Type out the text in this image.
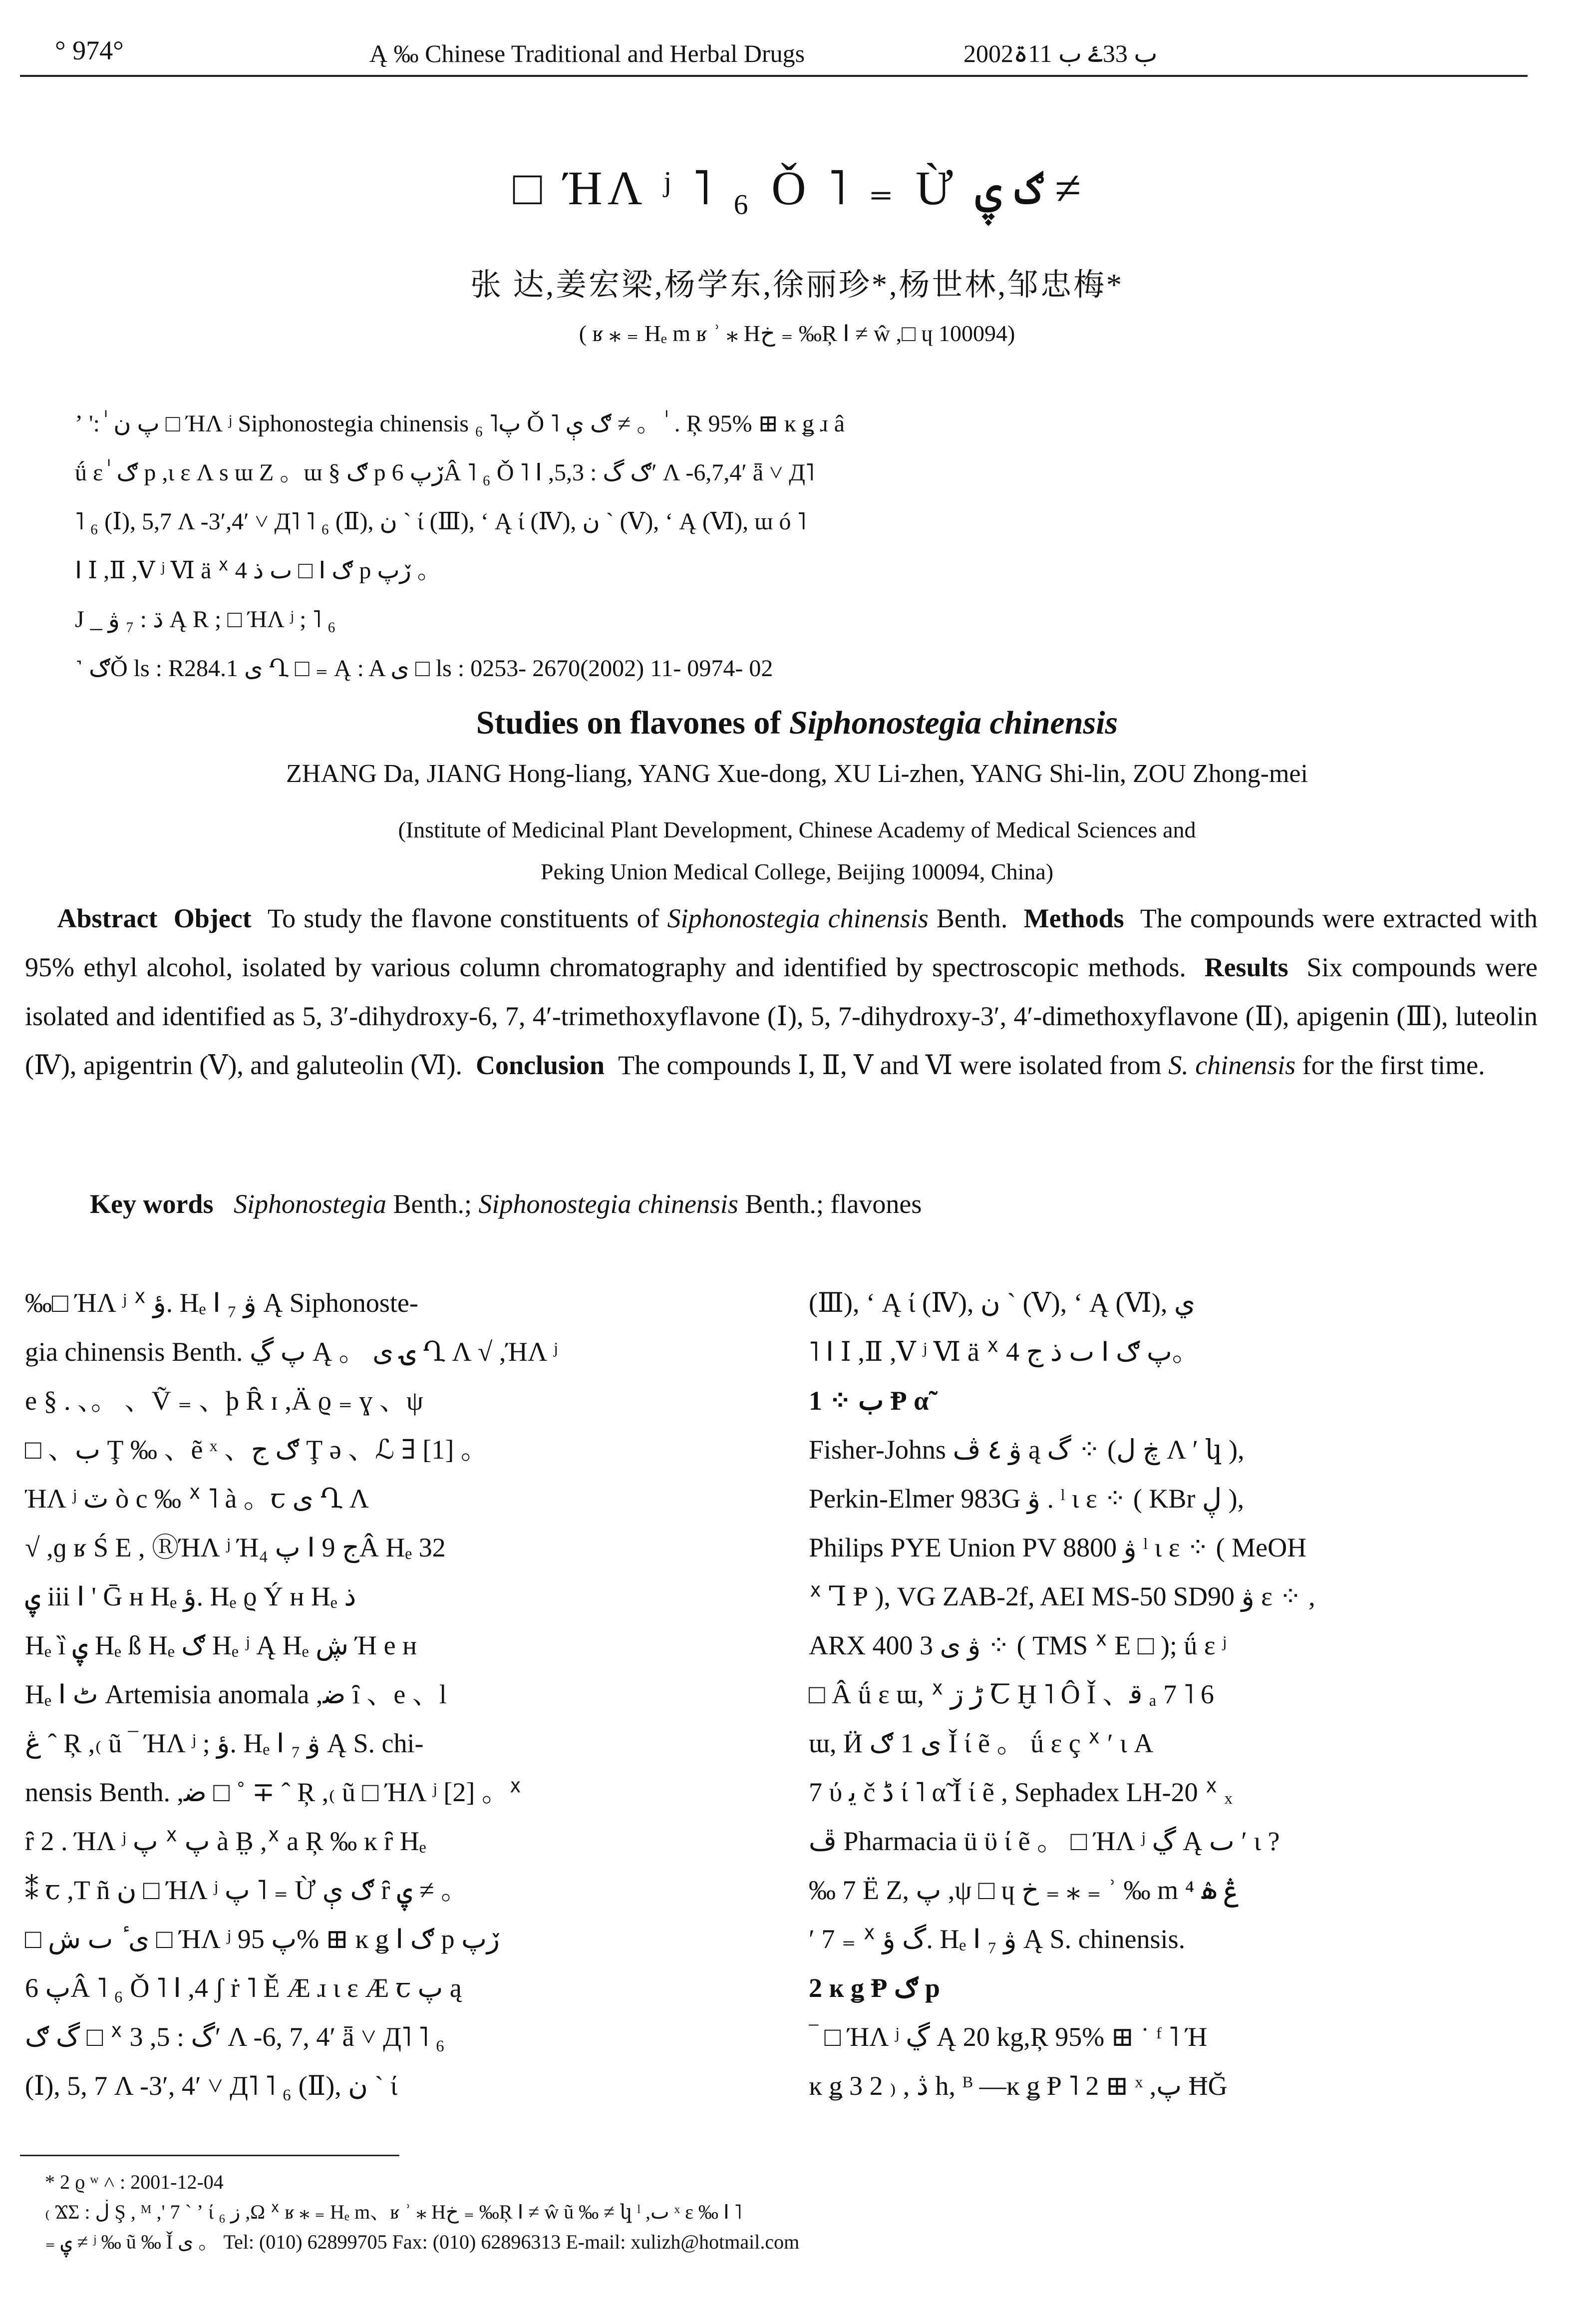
° 974°	Ą ‰ Chinese Traditional and Herbal Drugs	2002ب 33ۓ ب 11ۃ
□ ΉΛ ʲ ˥ ₆ Ǒ ˥ ₌ Ừ ګ ۑ ≠
张 达,姜宏梁,杨学东,徐丽珍*,杨世林,邹忠梅*
( ʁ ⁎ ₌ Hₑ m ʁ ʾ ⁎ Hخ ₌ ‰Ŗ ⵏ ≠ ŵ ,□ ɥ 100094)

ʼ ': ٰ پ ن □ ΉΛ ʲ Siphonostegia chinensis پ˥ ₆ Ǒ ˥ ګ ې ≠ 。 ٰ . Ŗ 95% ⊞ ĸ ǥ ɹ â

ǘ ɛ ٰ ګ p ,ι ɛ Λ s ɯ Ζ 。ɯ § ګ p ڒپ 6Â ˥ ₆ Ǒ ˥ ⵏ ,ګ گ : 5,3′ Λ -6,7,4′ ǟ ˅ Д˥

˥ ₆ (Ⅰ), 5,7 Λ -3′,4′ ˅ Д˥ ˥ ₆ (Ⅱ), ن ` ί (Ⅲ), ʻ Ą ί (Ⅳ), ن ` (Ⅴ), ʻ Ą (Ⅵ), ɯ ó ˥

ⵏ Ⅰ ,Ⅱ ,Ⅴ ʲ Ⅵ ä ᕽ 4 ٮ ذ □ ⵏ ګ p ڒپ 。

Ј _ ڌ : ₇ ۋ Ą R ; □ ΉΛ ʲ ; ˥ ₆

˺ ګǑ ls : R284.1 ى Ղ □ ₌ Ą : A ى □ ls : 0253- 2670(2002) 11- 0974- 02

Studies on flavones of Siphonostegia chinensis
ZHANG Da, JIANG Hong-liang, YANG Xue-dong, XU Li-zhen, YANG Shi-lin, ZOU Zhong-mei
(Institute of Medicinal Plant Development, Chinese Academy of Medical Sciences and
Peking Union Medical College, Beijing 100094, China)
Abstract Object To study the flavone constituents of Siphonostegia chinensis Benth. Methods The compounds were extracted with 95% ethyl alcohol, isolated by various column chromatography and identified by spectroscopic methods. Results Six compounds were isolated and identified as 5, 3′-dihydroxy-6, 7, 4′-trimethoxyflavone (Ⅰ), 5, 7-dihydroxy-3′, 4′-dimethoxyflavone (Ⅱ), apigenin (Ⅲ), luteolin (Ⅳ), apigentrin (Ⅴ), and galuteolin (Ⅵ). Conclusion The compounds Ⅰ, Ⅱ, Ⅴ and Ⅵ were isolated from S. chinensis for the first time.
Key words Siphonostegia Benth.; Siphonostegia chinensis Benth.; flavones

‰□ ΉΛ ʲ ᕽ ؤ. Hₑ ⵏ ₇ ۋ Ą Siphonoste-

gia chinensis Benth. پ ڲ Ą 。 ۍ ى Ղ Λ √ ,ΉΛ ʲ

e § . 、。 、Ṽ ₌ 、ϸ Ȓ ɪ ,Ä ϱ ₌ ɣ 、ψ

□ 、ب Ţ ‰ 、ẽ ˣ 、ګ ج Ţ ә 、ℒ ∃ [1] 。

ΉΛ ʲ ٽ ò c ‰ ᕽ ˥ à 。ꞇ ى Ղ Λ

√ ,ɡ ʁ Ś E , ⓇΉΛ ʲ Ή₄ پ ⵏ ج 9Â Hₑ 32

ۑ iii ⵏ ' Ḡ ʜ Hₑ ؤ. Hₑ ϱ Ý ʜ Hₑ ذ

Hₑ ȉ ۑ Hₑ ß Hₑ ګ Hₑ ʲ Ą Hₑ ڜ Ή e ʜ

Hₑ ⵏ ٹ Artemisia anomala ,ﺿ ȋ 、e 、l

ڠ ˆ Ŗ ,₍ ũ ‾ ΉΛ ʲ ; ؤ. Hₑ ⵏ ₇ ۋ Ą S. chi-

nensis Benth. ,ﺿ □ ˚ ∓ ˆ Ŗ ,₍ ũ □ ΉΛ ʲ [2] 。ᕽ

ȓ 2 . ΉΛ ʲ پ ᕽ پ à B̤ ,ᕽ a Ŗ ‰ ĸ ȓ Hₑ

⁑ ꞇ ,T ñ ن □ ΉΛ ʲ پ ˥ ₌ Ừ ګ ې ȓ ۑ ≠ 。

□ ى ٔ ٮ ش □ ΉΛ ʲ پ 95% ⊞ ĸ ǥ ⵏ ګ p ڒپ

پ 6Â ˥ ₆ Ǒ ˥ ⵏ ,4 ʃ ṙ ˥ Ě Æ ɹ ι ɛ Æ ꞇ پ ą

گ ګ □ ᕽ گ : 5, 3′ Λ -6, 7, 4′ ǟ ˅ Д˥ ˥ ₆

(Ⅰ), 5, 7 Λ -3′, 4′ ˅ Д˥ ˥ ₆ (Ⅱ), ن ` ί

(Ⅲ), ʻ Ą ί (Ⅳ), ن ` (Ⅴ), ʻ Ą (Ⅵ), ي

˥ ⵏ Ⅰ ,Ⅱ ,Ⅴ ʲ Ⅵ ä ᕽ 4 ٮ ذ ج ⵏ پ ګ。

1 ⁘ ب Ᵽ α̃

Fisher-Johns ۋ ٤ ڤ ą گ ⁘ (ڿ ل Λ ʹ կ ),

Perkin-Elmer 983G ۋ . ˡ ι ɛ ⁘ ( KBr ڸ ),

Philips PYE Union PV 8800 ۋ ˡ ι ɛ ⁘ ( MeOH

ᕽ Ꞁ Ᵽ ), VG ZAB-2f, AEI MS-50 SD90 ۋ ɛ ⁘ ,

ARX 400 ۋ ى 3 ⁘ ( TMS ᕽ E □ ); ǘ ɛ ʲ

□ Â ǘ ɛ ɯ, ᕽ ڑ ڗ Ꞇ Ḫ ˥ Ô Ǐ 、ﻗ ₐ 7 ˥ 6

ɯ, Ӥ ى 1 ګ Ǐ ί ẽ 。 ǘ ɛ ç ᕽ ʹ ι A

7 ύ ﯾ č ڈ ί ˥ α̃ Ǐ ί ẽ , Sephadex LH-20 ᕽ ₓ

ڦ Pharmacia ü ϋ ί ẽ 。 □ ΉΛ ʲ ڲ Ą ٮ ʹ ι ?

‰ 7 Ё Ζ, پ ,ψ □ ɥ خ ₌ ⁎ ₌ ʾ ‰ m ⁴ ڠ ۿ

ʹ 7 ₌ ᕽ گ ؤ. Hₑ ⵏ ₇ ۋ Ą S. chinensis.

2 ĸ ǥ Ᵽ ګ p

‾ □ ΉΛ ʲ ڲ Ą 20 kg,Ŗ 95% ⊞ ˙ ᶠ ˥ Ή

ĸ ǥ 3 ڎ , ₍ 2 h, ᴮ —ĸ ǥ Ᵽ ˥ 2 ⊞ ˣ ,پ ĦĞ

* 2 ϱ ʷ ˄ : 2001-12-04

₍ ϪΣ : ڶ Ş , ᴹ ,' 7 ` ʼ ί ز ₆ ,Ω ᕽ ʁ ⁎ ₌ Hₑ m、ʁ ʾ ⁎ Hخ ₌ ‰Ŗ ⵏ ≠ ŵ ũ ‰ ≠ կ ˡ ,ٮ ˣ ɛ ‰ ⵏ ˥

₌ ۑ ≠ ʲ ‰ ũ ‰ Ǐ ى 。 Tel: (010) 62899705 Fax: (010) 62896313 E-mail: xulizh@hotmail.com
